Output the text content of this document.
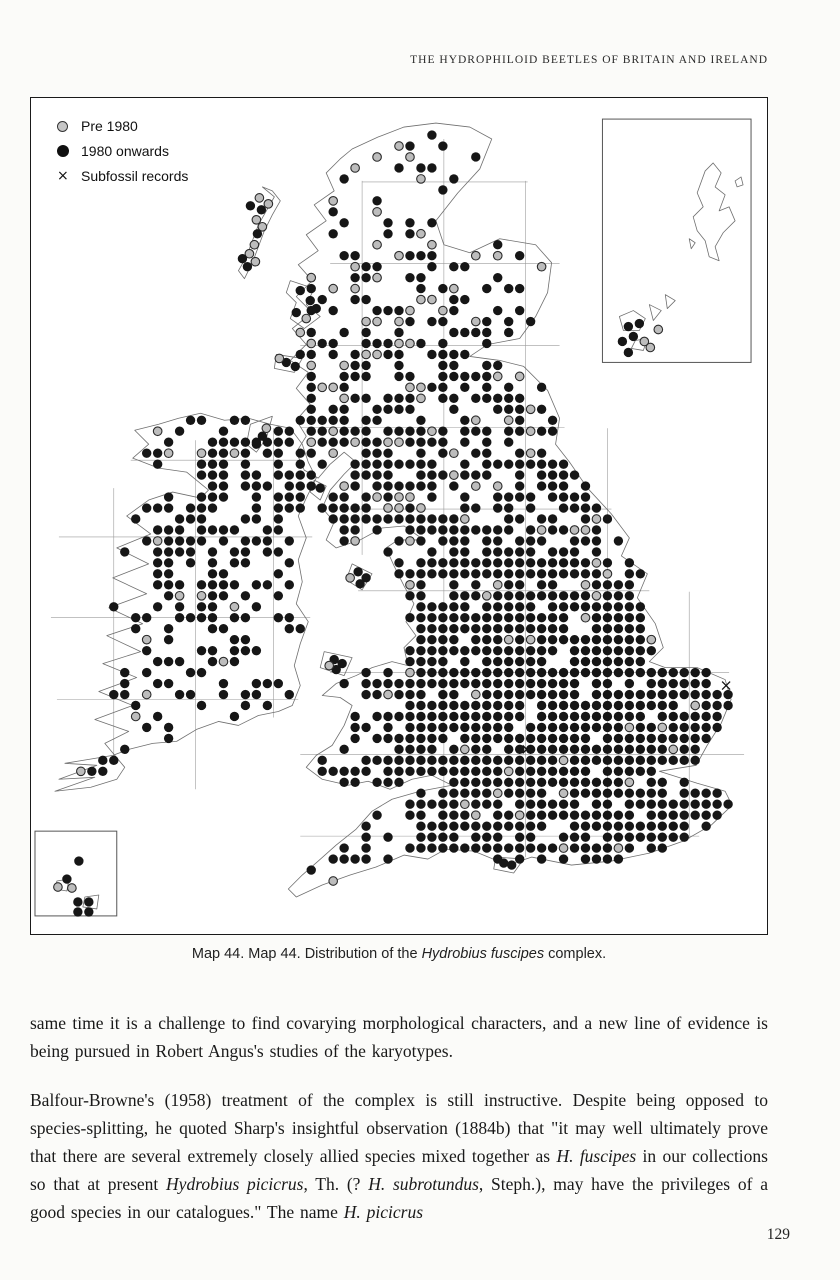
THE HYDROPHILOID BEETLES OF BRITAIN AND IRELAND
Pre 1980
1980 onwards
× Subfossil records
Map 44. Map 44. Distribution of the Hydrobius fuscipes complex.

same time it is a challenge to find covarying morphological characters, and a new line of evidence is being pursued in Robert Angus's studies of the karyotypes.

Balfour-Browne's (1958) treatment of the complex is still instructive. Despite being opposed to species-splitting, he quoted Sharp's insightful observation (1884b) that "it may well ultimately prove that there are several extremely closely allied species mixed together as H. fuscipes in our collections so that at present Hydrobius picicrus, Th. (? H. subrotundus, Steph.), may have the privileges of a good species in our catalogues." The name H. picicrus

129
